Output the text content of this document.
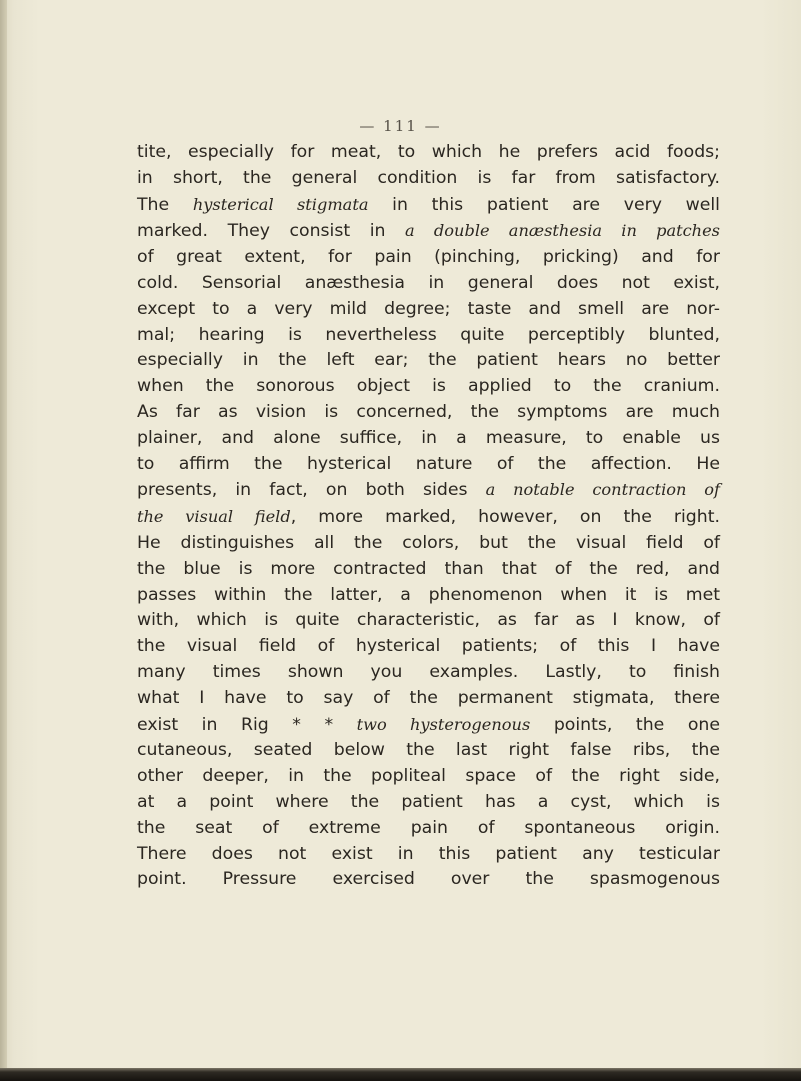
— 111 —
tite, especially for meat, to which he prefers acid foods;
in short, the general condition is far from satisfactory.
The hysterical stigmata in this patient are very well
marked. They consist in a double anæsthesia in patches
of great extent, for pain (pinching, pricking) and for
cold. Sensorial anæsthesia in general does not exist,
except to a very mild degree; taste and smell are nor-
mal; hearing is nevertheless quite perceptibly blunted,
especially in the left ear; the patient hears no better
when the sonorous object is applied to the cranium.
As far as vision is concerned, the symptoms are much
plainer, and alone suffice, in a measure, to enable us
to affirm the hysterical nature of the affection. He
presents, in fact, on both sides a notable contraction of
the visual field, more marked, however, on the right.
He distinguishes all the colors, but the visual field of
the blue is more contracted than that of the red, and
passes within the latter, a phenomenon when it is met
with, which is quite characteristic, as far as I know, of
the visual field of hysterical patients; of this I have
many times shown you examples. Lastly, to finish
what I have to say of the permanent stigmata, there
exist in Rig * * two hysterogenous points, the one
cutaneous, seated below the last right false ribs, the
other deeper, in the popliteal space of the right side,
at a point where the patient has a cyst, which is
the seat of extreme pain of spontaneous origin.
There does not exist in this patient any testicular
point. Pressure exercised over the spasmogenous
